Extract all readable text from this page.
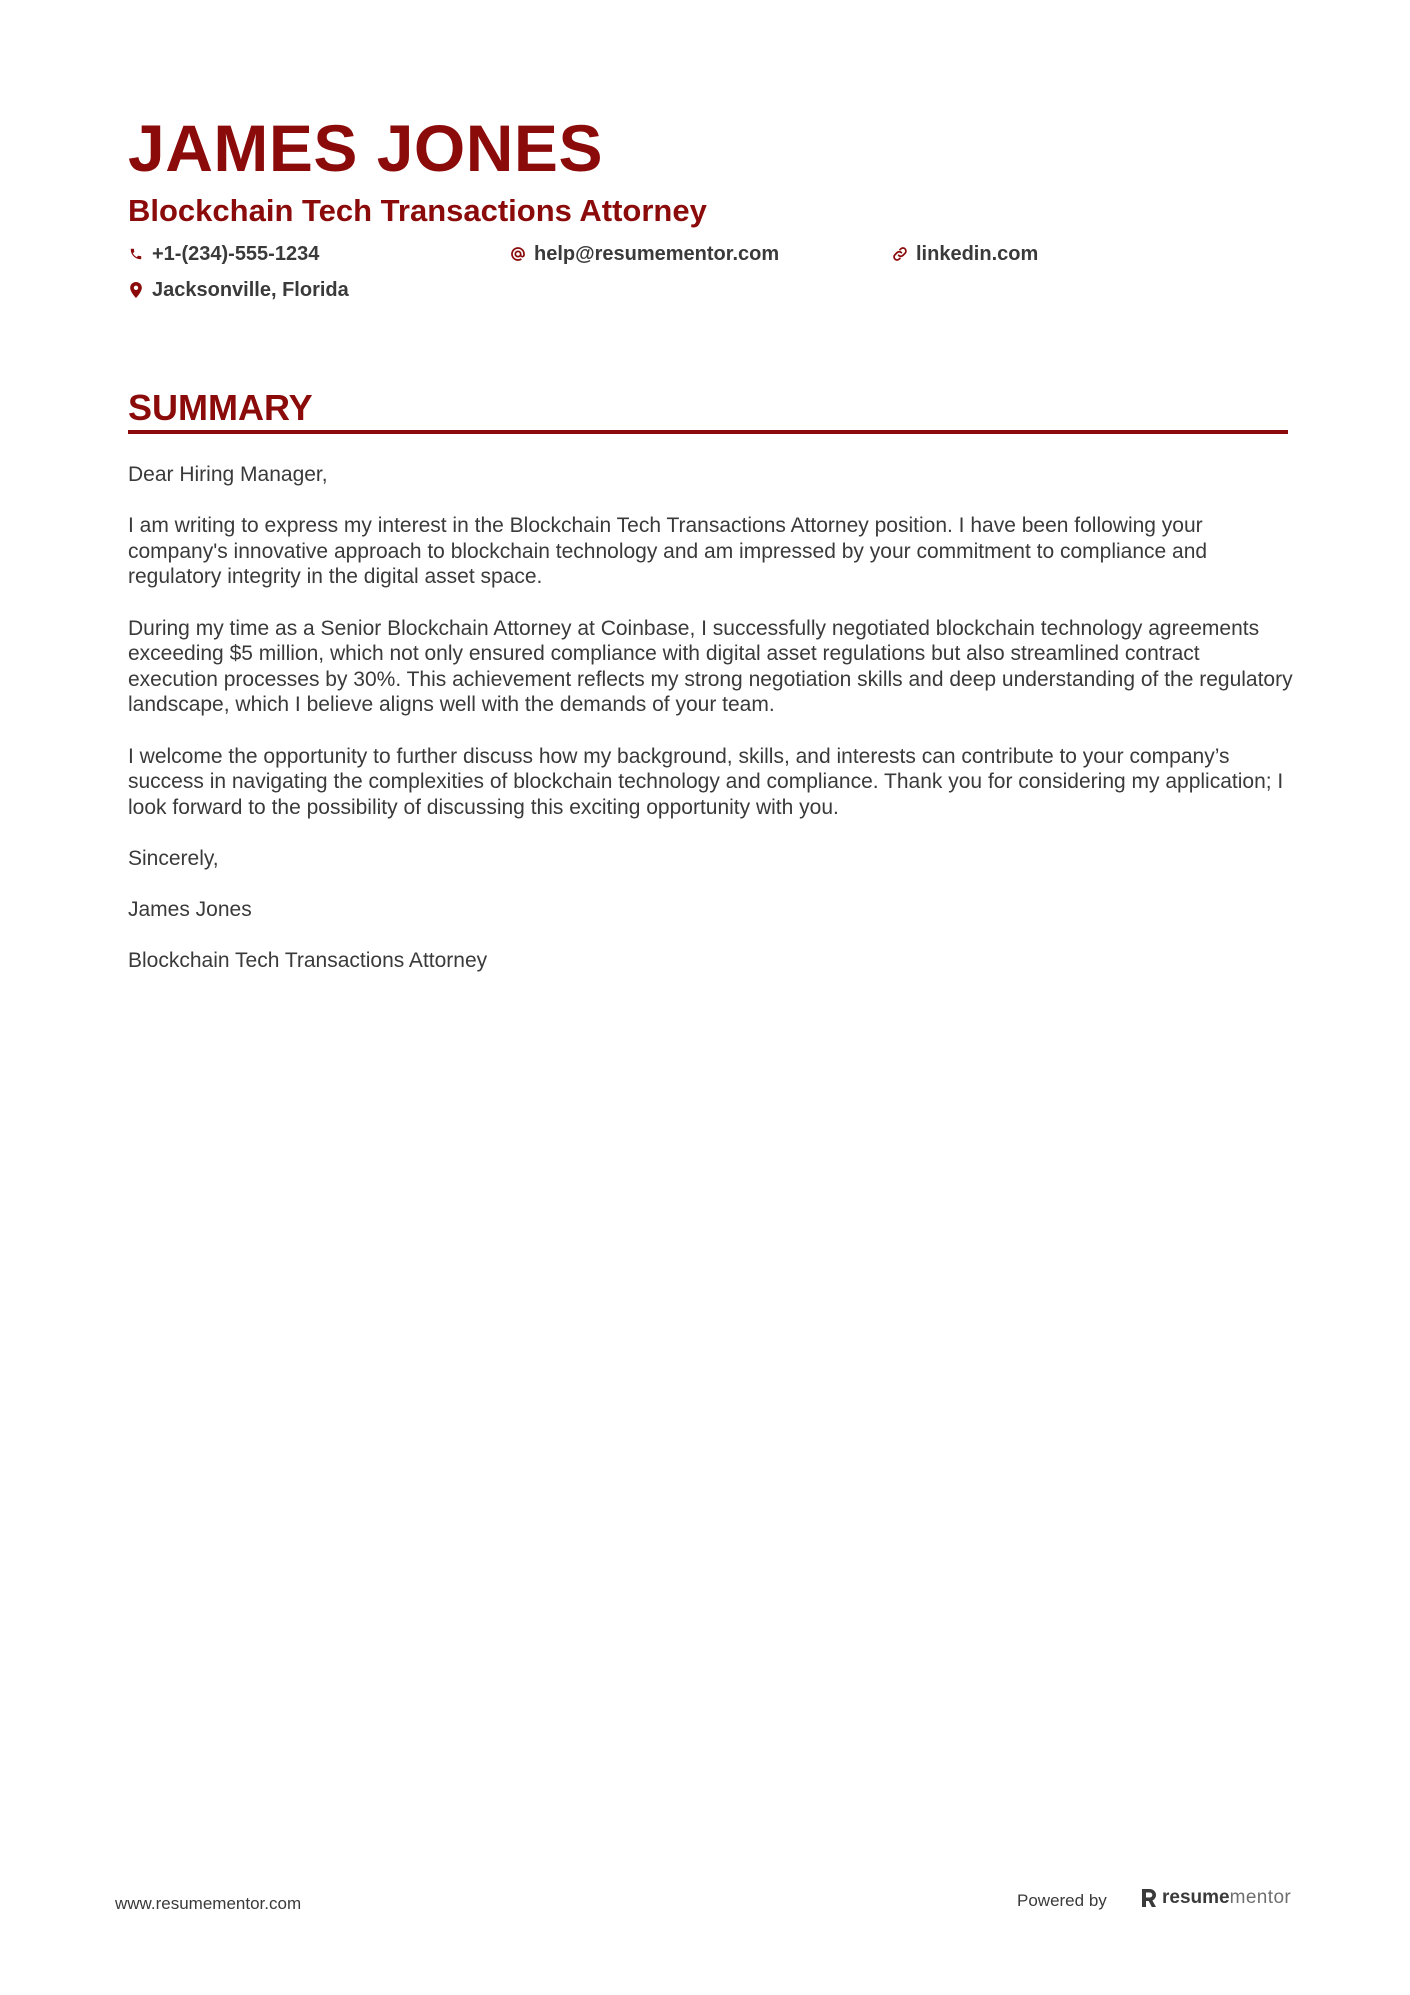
JAMES JONES
Blockchain Tech Transactions Attorney
+1-(234)-555-1234	help@resumementor.com	linkedin.com
Jacksonville, Florida
SUMMARY

Dear Hiring Manager,

I am writing to express my interest in the Blockchain Tech Transactions Attorney position. I have been following your company's innovative approach to blockchain technology and am impressed by your commitment to compliance and regulatory integrity in the digital asset space.

During my time as a Senior Blockchain Attorney at Coinbase, I successfully negotiated blockchain technology agreements exceeding $5 million, which not only ensured compliance with digital asset regulations but also streamlined contract execution processes by 30%. This achievement reflects my strong negotiation skills and deep understanding of the regulatory landscape, which I believe aligns well with the demands of your team.

I welcome the opportunity to further discuss how my background, skills, and interests can contribute to your company’s success in navigating the complexities of blockchain technology and compliance. Thank you for considering my application; I look forward to the possibility of discussing this exciting opportunity with you.

Sincerely,

James Jones

Blockchain Tech Transactions Attorney

www.resumementor.com	Powered by	resume mentor
